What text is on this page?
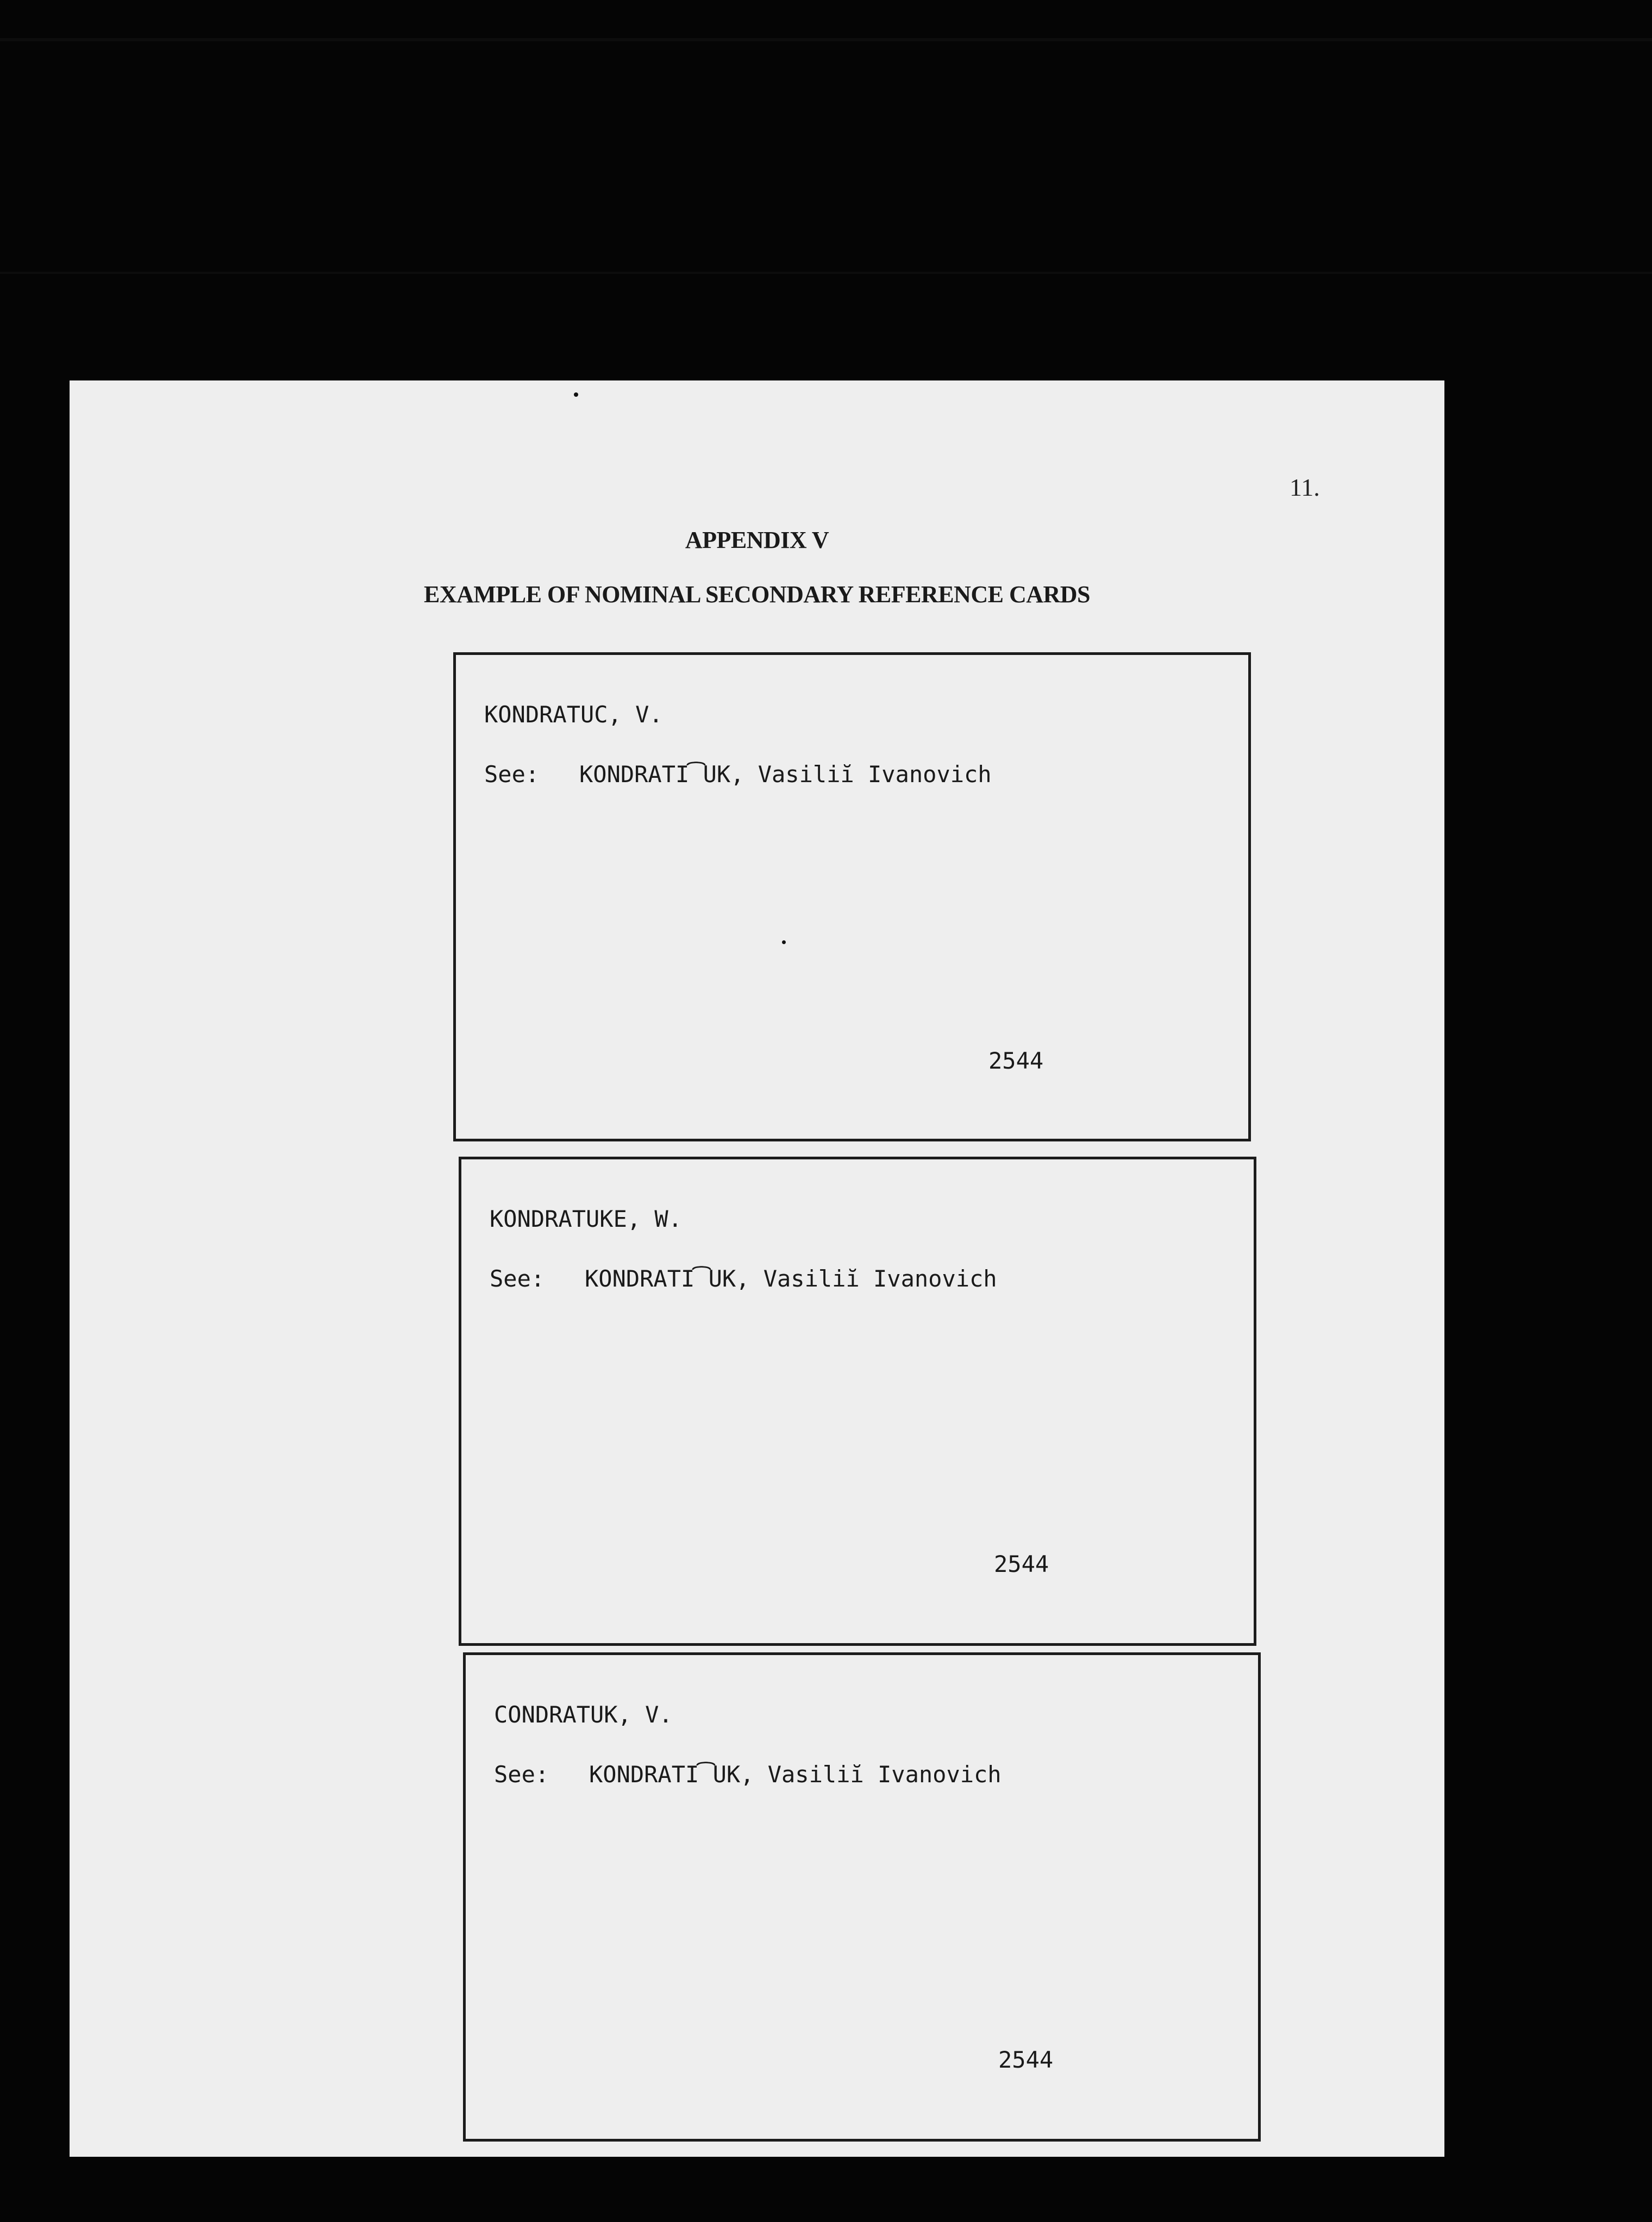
11.
APPENDIX V
EXAMPLE OF NOMINAL SECONDARY REFERENCE CARDS
KONDRATUC, V.
See: KONDRATI͡UK, Vasiliĭ Ivanovich
2544
KONDRATUKE, W.
See: KONDRATI͡UK, Vasiliĭ Ivanovich
2544
CONDRATUK, V.
See: KONDRATI͡UK, Vasiliĭ Ivanovich
2544
